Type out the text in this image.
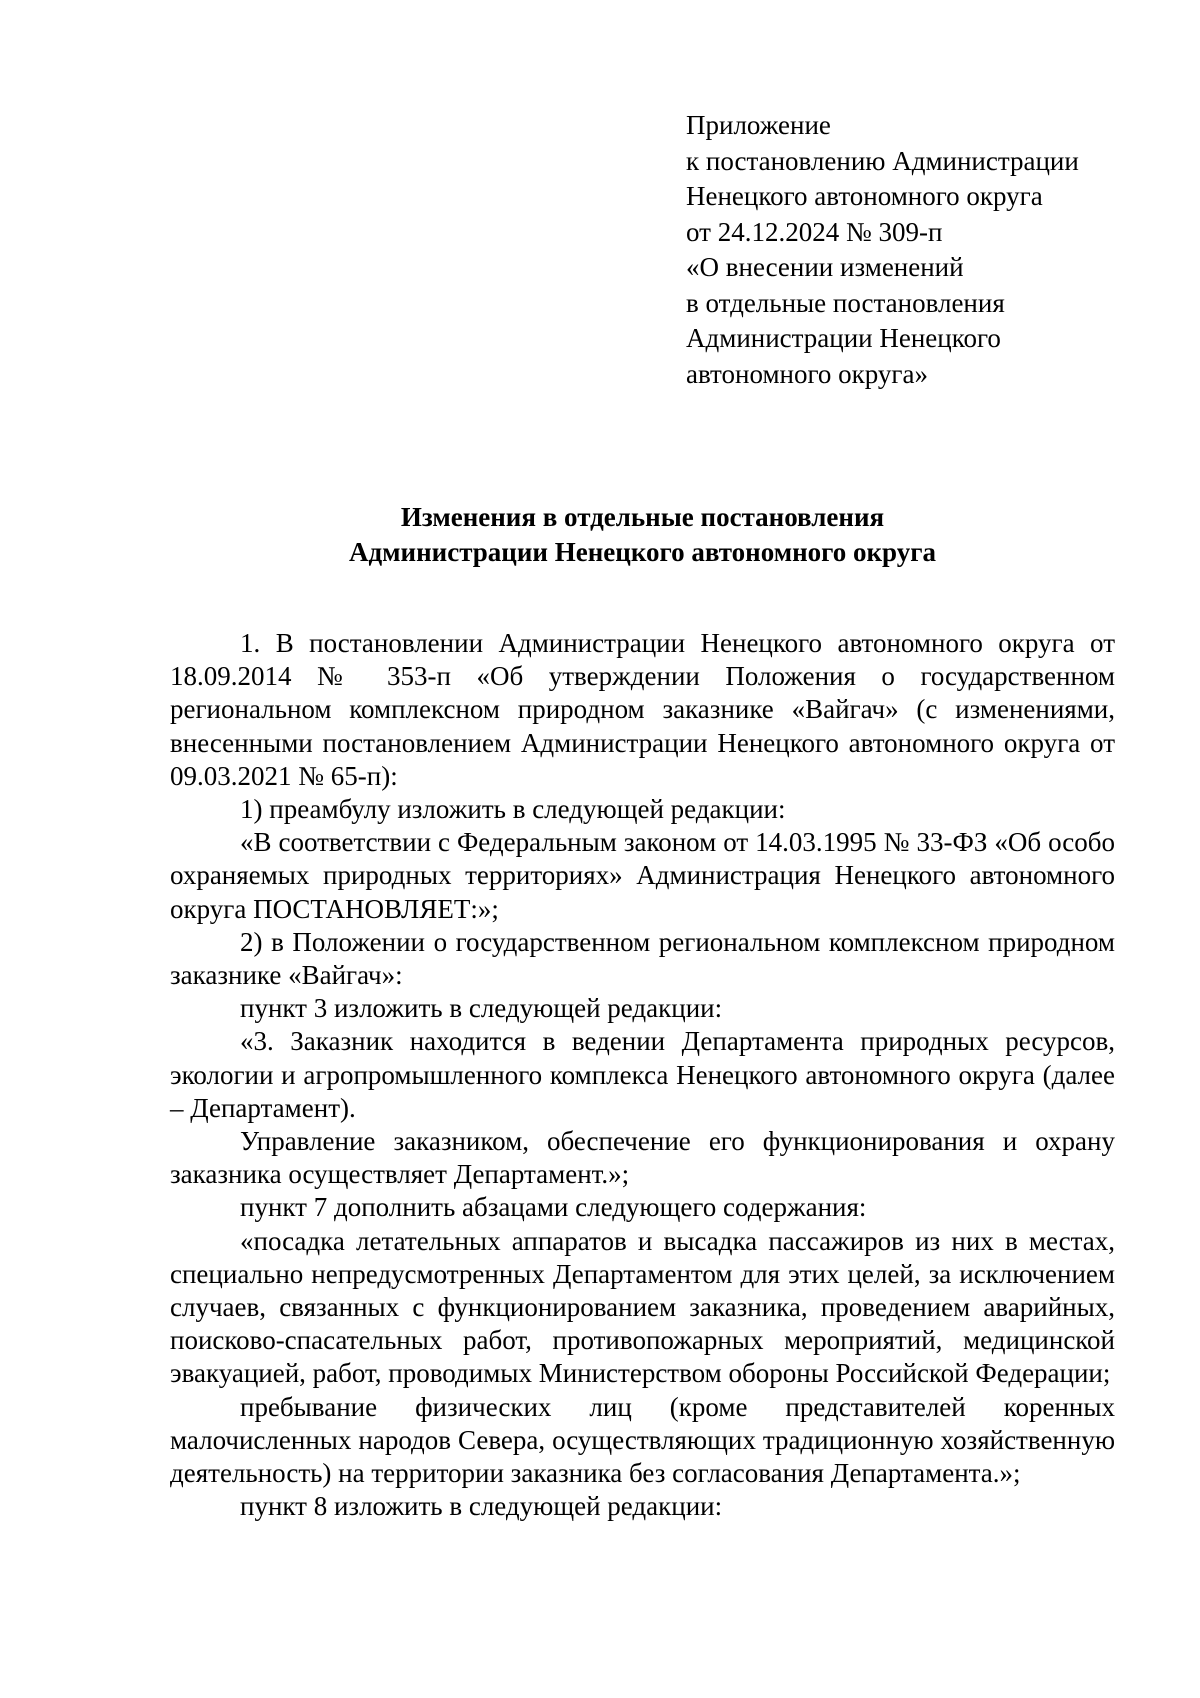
Приложение
к постановлению Администрации
Ненецкого автономного округа
от 24.12.2024 № 309-п
«О внесении изменений
в отдельные постановления
Администрации Ненецкого
автономного округа»
Изменения в отдельные постановления
Администрации Ненецкого автономного округа

1. В постановлении Администрации Ненецкого автономного округа от 18.09.2014 № 353-п «Об утверждении Положения о государственном региональном комплексном природном заказнике «Вайгач» (с изменениями, внесенными постановлением Администрации Ненецкого автономного округа от 09.03.2021 № 65-п):

1) преамбулу изложить в следующей редакции:

«В соответствии с Федеральным законом от 14.03.1995 № 33-ФЗ «Об особо охраняемых природных территориях» Администрация Ненецкого автономного округа ПОСТАНОВЛЯЕТ:»;

2) в Положении о государственном региональном комплексном природном заказнике «Вайгач»:

пункт 3 изложить в следующей редакции:

«3. Заказник находится в ведении Департамента природных ресурсов, экологии и агропромышленного комплекса Ненецкого автономного округа (далее – Департамент).

Управление заказником, обеспечение его функционирования и охрану заказника осуществляет Департамент.»;

пункт 7 дополнить абзацами следующего содержания:

«посадка летательных аппаратов и высадка пассажиров из них в местах, специально непредусмотренных Департаментом для этих целей, за исключением случаев, связанных с функционированием заказника, проведением аварийных, поисково-спасательных работ, противопожарных мероприятий, медицинской эвакуацией, работ, проводимых Министерством обороны Российской Федерации;

пребывание физических лиц (кроме представителей коренных малочисленных народов Севера, осуществляющих традиционную хозяйственную деятельность) на территории заказника без согласования Департамента.»;

пункт 8 изложить в следующей редакции:
